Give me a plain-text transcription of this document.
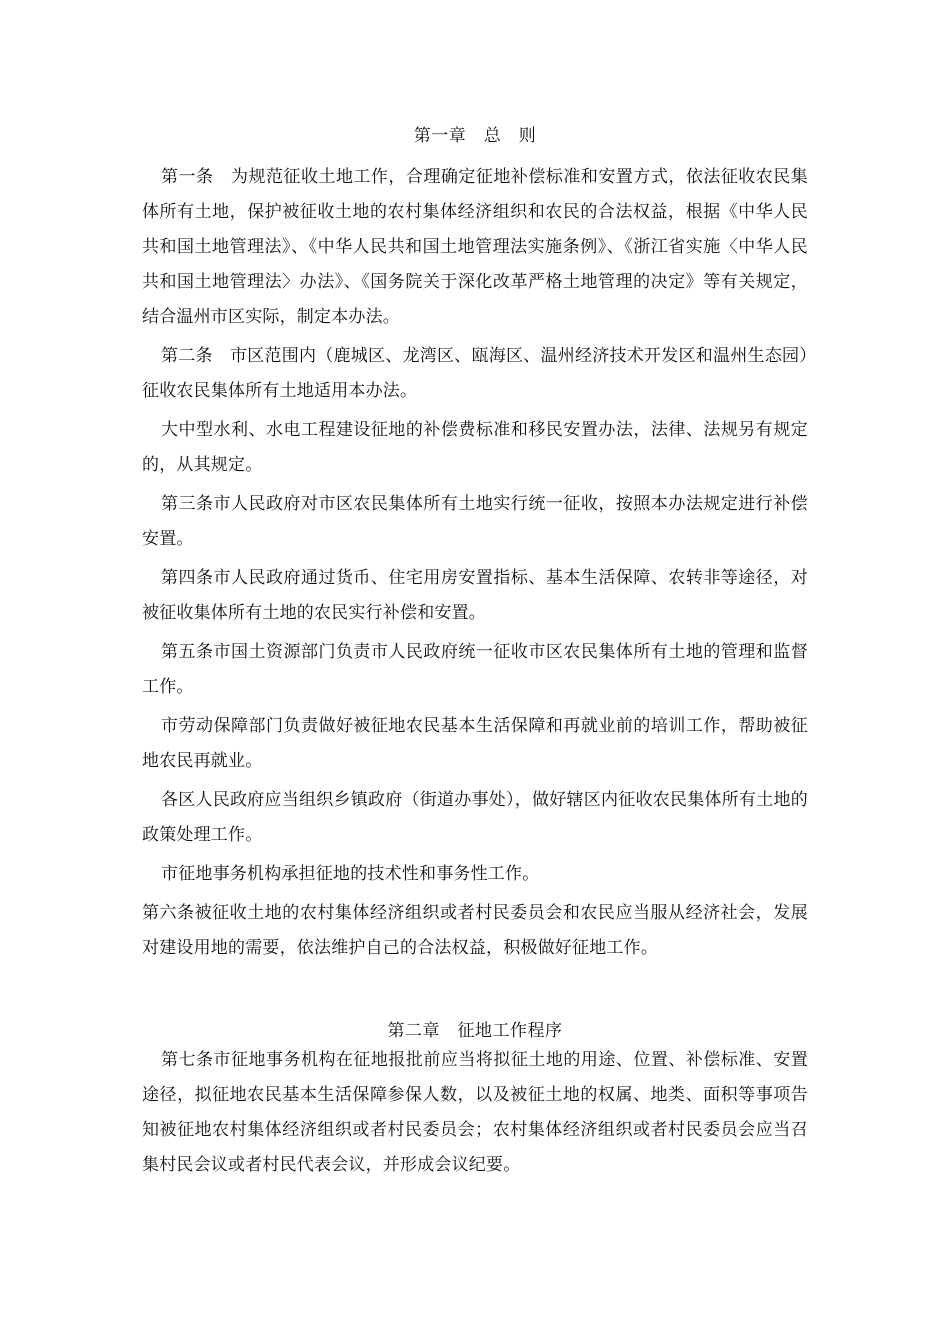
第一章　总　则

第一条　为规范征收土地工作，合理确定征地补偿标准和安置方式，依法征收农民集体所有土地，保护被征收土地的农村集体经济组织和农民的合法权益，根据《中华人民共和国土地管理法》、《中华人民共和国土地管理法实施条例》、《浙江省实施〈中华人民共和国土地管理法〉办法》、《国务院关于深化改革严格土地管理的决定》等有关规定，结合温州市区实际，制定本办法。

第二条　市区范围内（鹿城区、龙湾区、瓯海区、温州经济技术开发区和温州生态园）征收农民集体所有土地适用本办法。

大中型水利、水电工程建设征地的补偿费标准和移民安置办法，法律、法规另有规定的，从其规定。

第三条市人民政府对市区农民集体所有土地实行统一征收，按照本办法规定进行补偿安置。

第四条市人民政府通过货币、住宅用房安置指标、基本生活保障、农转非等途径，对被征收集体所有土地的农民实行补偿和安置。

第五条市国土资源部门负责市人民政府统一征收市区农民集体所有土地的管理和监督工作。

市劳动保障部门负责做好被征地农民基本生活保障和再就业前的培训工作，帮助被征地农民再就业。

各区人民政府应当组织乡镇政府（街道办事处），做好辖区内征收农民集体所有土地的政策处理工作。

市征地事务机构承担征地的技术性和事务性工作。

第六条被征收土地的农村集体经济组织或者村民委员会和农民应当服从经济社会，发展对建设用地的需要，依法维护自己的合法权益，积极做好征地工作。

第二章　征地工作程序

第七条市征地事务机构在征地报批前应当将拟征土地的用途、位置、补偿标准、安置途径，拟征地农民基本生活保障参保人数，以及被征土地的权属、地类、面积等事项告知被征地农村集体经济组织或者村民委员会；农村集体经济组织或者村民委员会应当召集村民会议或者村民代表会议，并形成会议纪要。
